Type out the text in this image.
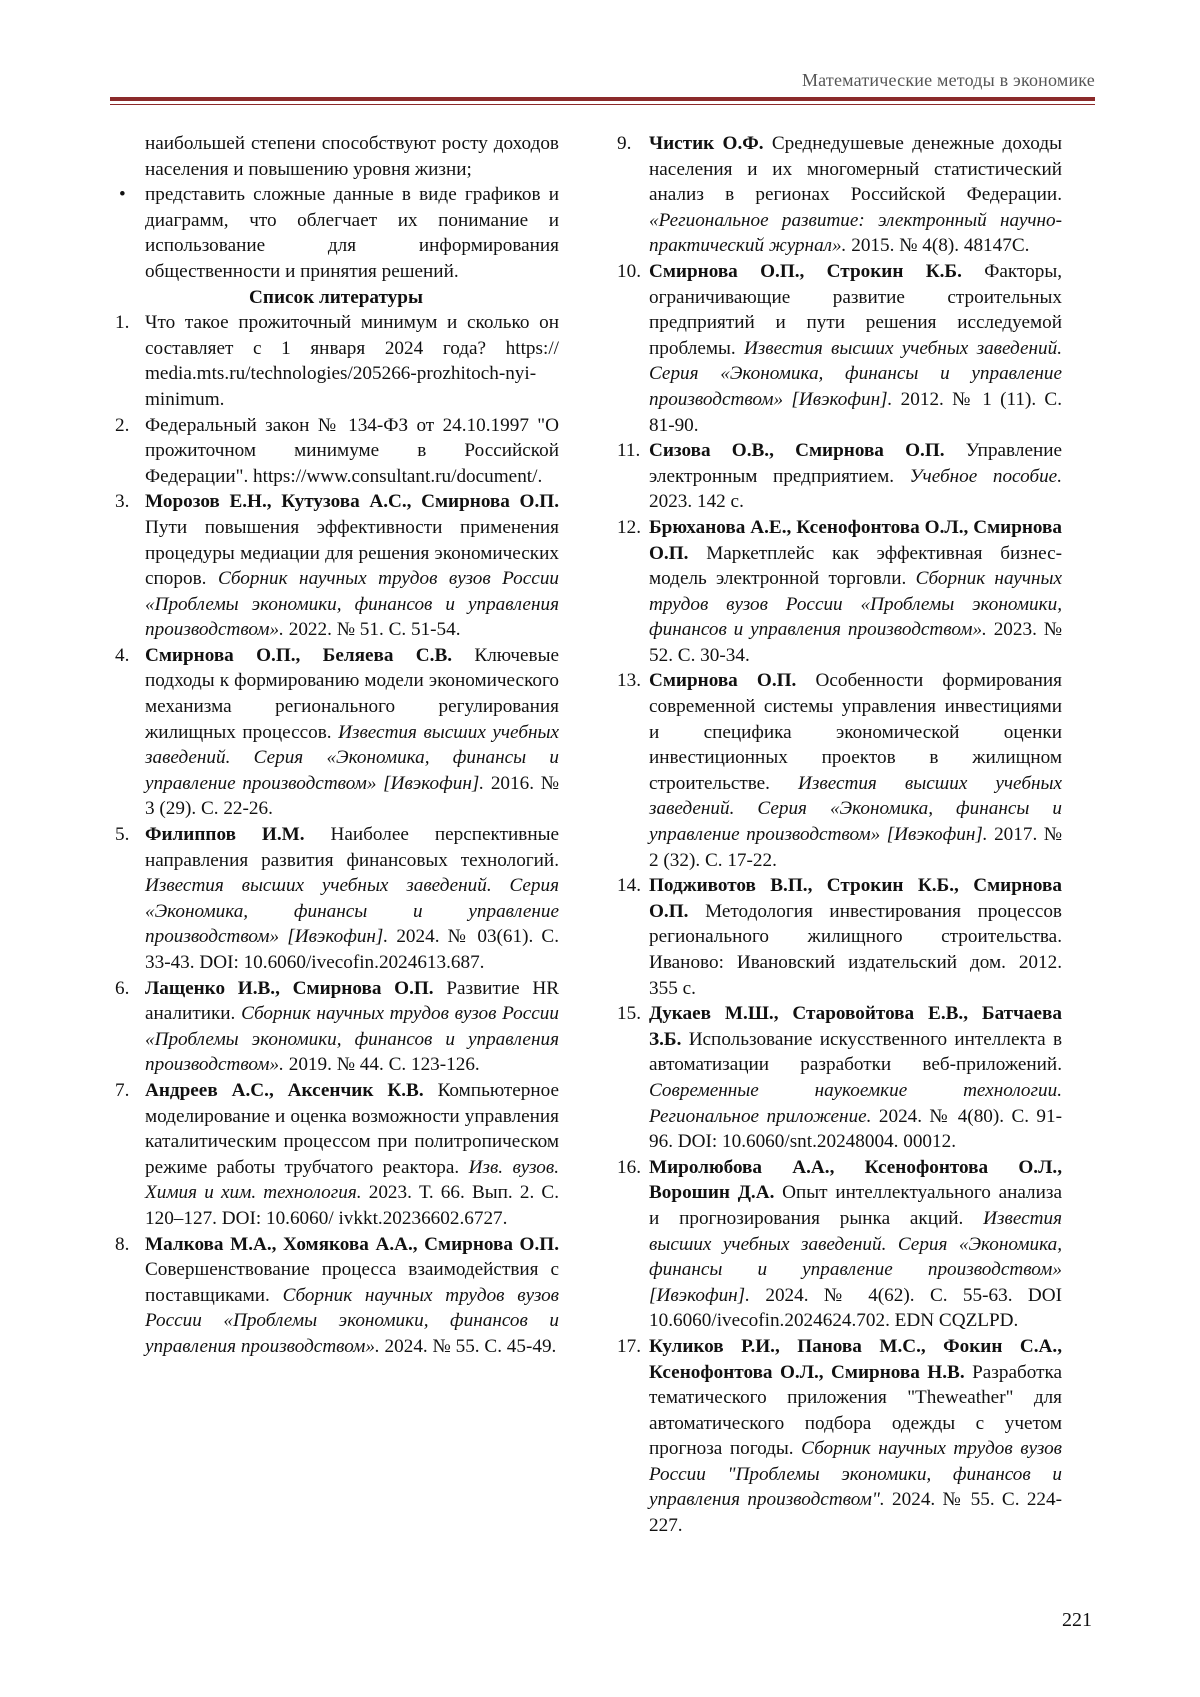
Математические методы в экономике
наибольшей степени способствуют росту доходов населения и повышению уровня жизни;
• представить сложные данные в виде графиков и диаграмм, что облегчает их понимание и использование для информирования общественности и принятия решений.
Список литературы
1. Что такое прожиточный минимум и сколько он составляет с 1 января 2024 года? https:// media.mts.ru/technologies/205266-prozhitoch-nyi-minimum.
2. Федеральный закон № 134-ФЗ от 24.10.1997 "О прожиточном минимуме в Российской Федерации". https://www.consultant.ru/document/.
3. Морозов Е.Н., Кутузова А.С., Смирнова О.П. Пути повышения эффективности применения процедуры медиации для решения экономических споров. Сборник научных трудов вузов России «Проблемы экономики, финансов и управления производством». 2022. № 51. С. 51-54.
4. Смирнова О.П., Беляева С.В. Ключевые подходы к формированию модели экономического механизма регионального регулирования жилищных процессов. Известия высших учебных заведений. Серия «Экономика, финансы и управление производством» [Ивэкофин]. 2016. № 3 (29). С. 22-26.
5. Филиппов И.М. Наиболее перспективные направления развития финансовых технологий. Известия высших учебных заведений. Серия «Экономика, финансы и управление производством» [Ивэкофин]. 2024. № 03(61). С. 33-43. DOI: 10.6060/ivecofin.2024613.687.
6. Лащенко И.В., Смирнова О.П. Развитие HR аналитики. Сборник научных трудов вузов России «Проблемы экономики, финансов и управления производством». 2019. № 44. С. 123-126.
7. Андреев А.С., Аксенчик К.В. Компьютерное моделирование и оценка возможности управления каталитическим процессом при политропическом режиме работы трубчатого реактора. Изв. вузов. Химия и хим. технология. 2023. Т. 66. Вып. 2. С. 120–127. DOI: 10.6060/ ivkkt.20236602.6727.
8. Малкова М.А., Хомякова А.А., Смирнова О.П. Совершенствование процесса взаимодействия с поставщиками. Сборник научных трудов вузов России «Проблемы экономики, финансов и управления производством». 2024. № 55. С. 45-49.
9. Чистик О.Ф. Среднедушевые денежные доходы населения и их многомерный статистический анализ в регионах Российской Федерации. «Региональное развитие: электронный научно-практический журнал». 2015. № 4(8). 48147С.
10. Смирнова О.П., Строкин К.Б. Факторы, ограничивающие развитие строительных предприятий и пути решения исследуемой проблемы. Известия высших учебных заведений. Серия «Экономика, финансы и управление производством» [Ивэкофин]. 2012. № 1 (11). С. 81-90.
11. Сизова О.В., Смирнова О.П. Управление электронным предприятием. Учебное пособие. 2023. 142 с.
12. Брюханова А.Е., Ксенофонтова О.Л., Смирнова О.П. Маркетплейс как эффективная бизнес-модель электронной торговли. Сборник научных трудов вузов России «Проблемы экономики, финансов и управления производством». 2023. № 52. С. 30-34.
13. Смирнова О.П. Особенности формирования современной системы управления инвестициями и специфика экономической оценки инвестиционных проектов в жилищном строительстве. Известия высших учебных заведений. Серия «Экономика, финансы и управление производством» [Ивэкофин]. 2017. № 2 (32). С. 17-22.
14. Подживотов В.П., Строкин К.Б., Смирнова О.П. Методология инвестирования процессов регионального жилищного строительства. Иваново: Ивановский издательский дом. 2012. 355 с.
15. Дукаев М.Ш., Старовойтова Е.В., Батчаева З.Б. Использование искусственного интеллекта в автоматизации разработки веб-приложений. Современные наукоемкие технологии. Региональное приложение. 2024. № 4(80). С. 91-96. DOI: 10.6060/snt.20248004. 00012.
16. Миролюбова А.А., Ксенофонтова О.Л., Ворошин Д.А. Опыт интеллектуального анализа и прогнозирования рынка акций. Известия высших учебных заведений. Серия «Экономика, финансы и управление производством» [Ивэкофин]. 2024. № 4(62). С. 55-63. DOI 10.6060/ivecofin.2024624.702. EDN CQZLPD.
17. Куликов Р.И., Панова М.С., Фокин С.А., Ксенофонтова О.Л., Смирнова Н.В. Разработка тематического приложения "Theweather" для автоматического подбора одежды с учетом прогноза погоды. Сборник научных трудов вузов России "Проблемы экономики, финансов и управления производством". 2024. № 55. С. 224-227.
221
